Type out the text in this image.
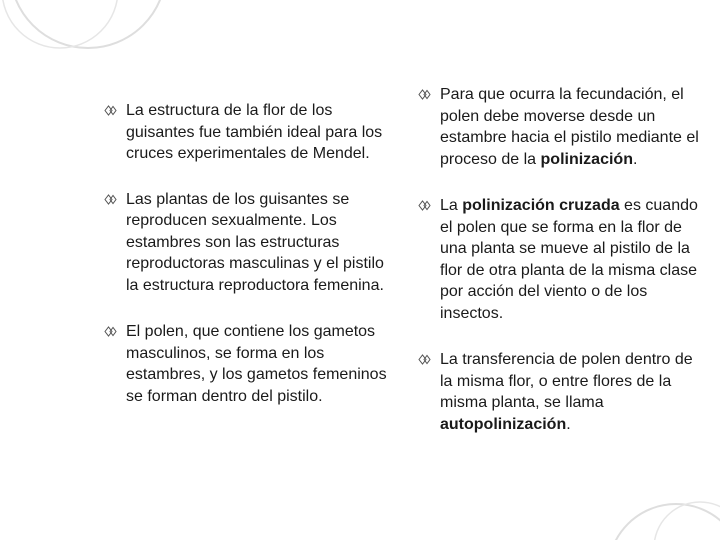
La estructura de la flor de los guisantes fue también ideal para los cruces experimentales de Mendel.
Las plantas de los guisantes se reproducen sexualmente. Los estambres son las estructuras reproductoras masculinas y el pistilo la estructura reproductora femenina.
El polen, que contiene los gametos masculinos, se forma en los estambres, y los gametos femeninos se forman dentro del pistilo.
Para que ocurra la fecundación, el polen debe moverse desde un estambre hacia el pistilo mediante el proceso de la polinización.
La polinización cruzada es cuando el polen que se forma en la flor de una planta se mueve al pistilo de la flor de otra planta de la misma clase por acción del viento o de los insectos.
La transferencia de polen dentro de la misma flor, o entre flores de la misma planta, se llama autopolinización.
